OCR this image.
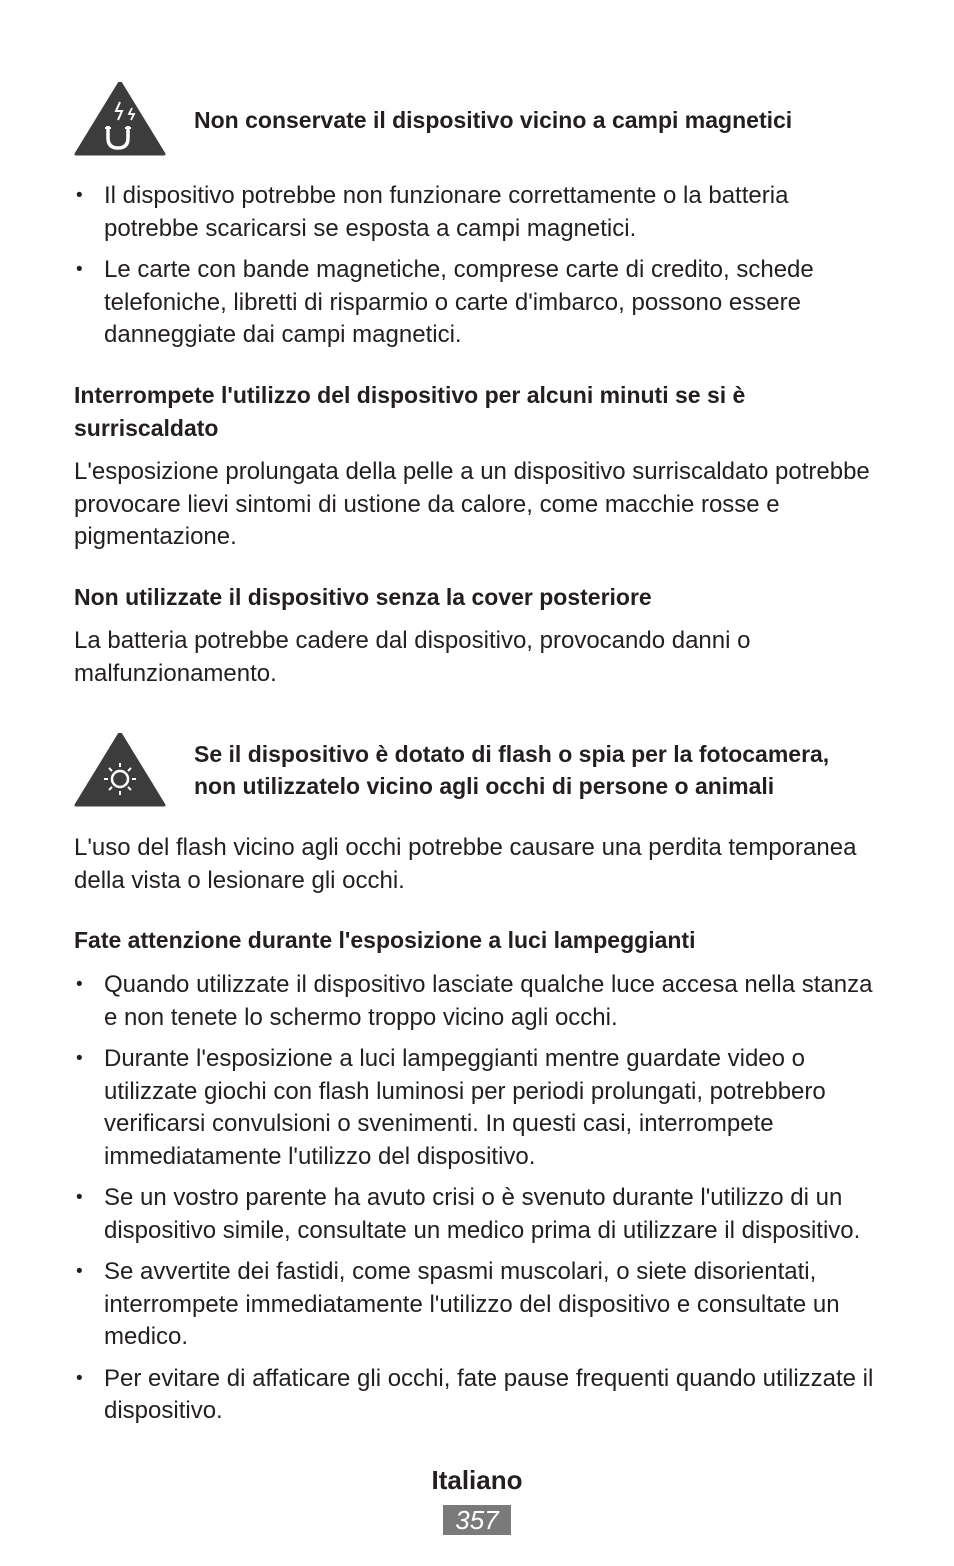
Non conservate il dispositivo vicino a campi magnetici
• Il dispositivo potrebbe non funzionare correttamente o la batteria potrebbe scaricarsi se esposta a campi magnetici.
• Le carte con bande magnetiche, comprese carte di credito, schede telefoniche, libretti di risparmio o carte d'imbarco, possono essere danneggiate dai campi magnetici.
Interrompete l'utilizzo del dispositivo per alcuni minuti se si è surriscaldato
L'esposizione prolungata della pelle a un dispositivo surriscaldato potrebbe provocare lievi sintomi di ustione da calore, come macchie rosse e pigmentazione.
Non utilizzate il dispositivo senza la cover posteriore
La batteria potrebbe cadere dal dispositivo, provocando danni o malfunzionamento.
Se il dispositivo è dotato di flash o spia per la fotocamera,
non utilizzatelo vicino agli occhi di persone o animali
L'uso del flash vicino agli occhi potrebbe causare una perdita temporanea della vista o lesionare gli occhi.
Fate attenzione durante l'esposizione a luci lampeggianti
• Quando utilizzate il dispositivo lasciate qualche luce accesa nella stanza e non tenete lo schermo troppo vicino agli occhi.
• Durante l'esposizione a luci lampeggianti mentre guardate video o utilizzate giochi con flash luminosi per periodi prolungati, potrebbero verificarsi convulsioni o svenimenti. In questi casi, interrompete immediatamente l'utilizzo del dispositivo.
• Se un vostro parente ha avuto crisi o è svenuto durante l'utilizzo di un dispositivo simile, consultate un medico prima di utilizzare il dispositivo.
• Se avvertite dei fastidi, come spasmi muscolari, o siete disorientati, interrompete immediatamente l'utilizzo del dispositivo e consultate un medico.
• Per evitare di affaticare gli occhi, fate pause frequenti quando utilizzate il dispositivo.
Italiano
357
